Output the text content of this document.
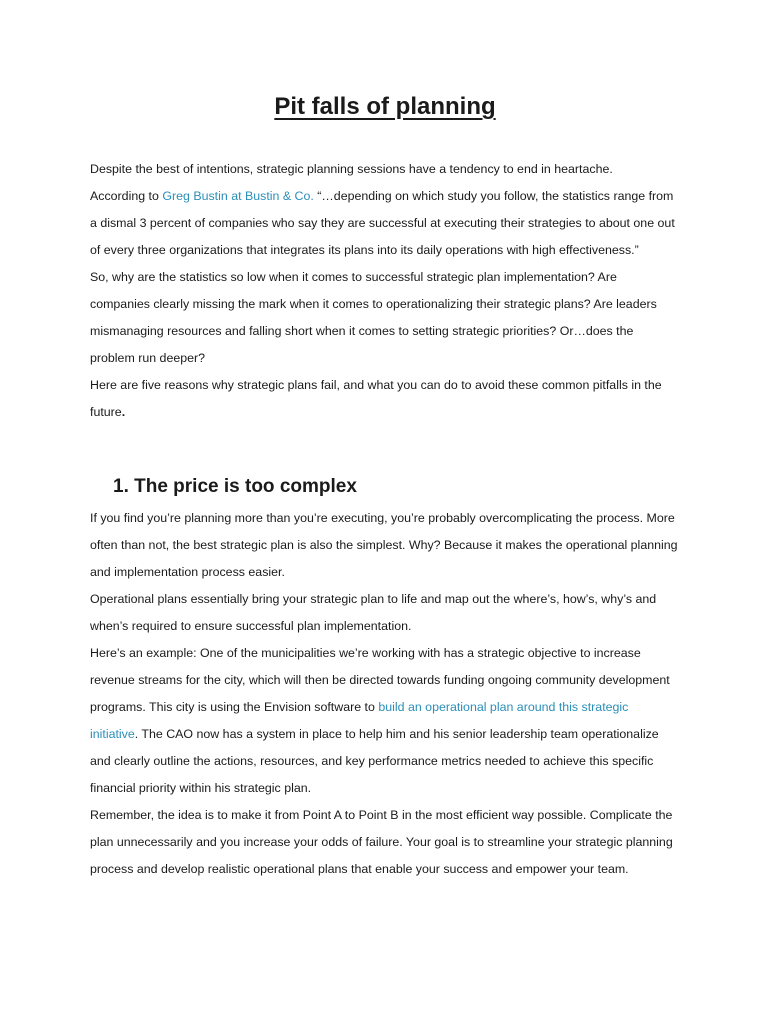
Pit falls of planning

Despite the best of intentions, strategic planning sessions have a tendency to end in heartache.

According to Greg Bustin at Bustin & Co. “…depending on which study you follow, the statistics range from a dismal 3 percent of companies who say they are successful at executing their strategies to about one out of every three organizations that integrates its plans into its daily operations with high effectiveness.”

So, why are the statistics so low when it comes to successful strategic plan implementation? Are companies clearly missing the mark when it comes to operationalizing their strategic plans? Are leaders mismanaging resources and falling short when it comes to setting strategic priorities? Or…does the problem run deeper?

Here are five reasons why strategic plans fail, and what you can do to avoid these common pitfalls in the future.

1. The price is too complex

If you find you’re planning more than you’re executing, you’re probably overcomplicating the process. More often than not, the best strategic plan is also the simplest. Why? Because it makes the operational planning and implementation process easier.

Operational plans essentially bring your strategic plan to life and map out the where’s, how’s, why’s and when’s required to ensure successful plan implementation.

Here’s an example: One of the municipalities we’re working with has a strategic objective to increase revenue streams for the city, which will then be directed towards funding ongoing community development programs. This city is using the Envision software to build an operational plan around this strategic initiative. The CAO now has a system in place to help him and his senior leadership team operationalize and clearly outline the actions, resources, and key performance metrics needed to achieve this specific financial priority within his strategic plan.

Remember, the idea is to make it from Point A to Point B in the most efficient way possible. Complicate the plan unnecessarily and you increase your odds of failure. Your goal is to streamline your strategic planning process and develop realistic operational plans that enable your success and empower your team.
